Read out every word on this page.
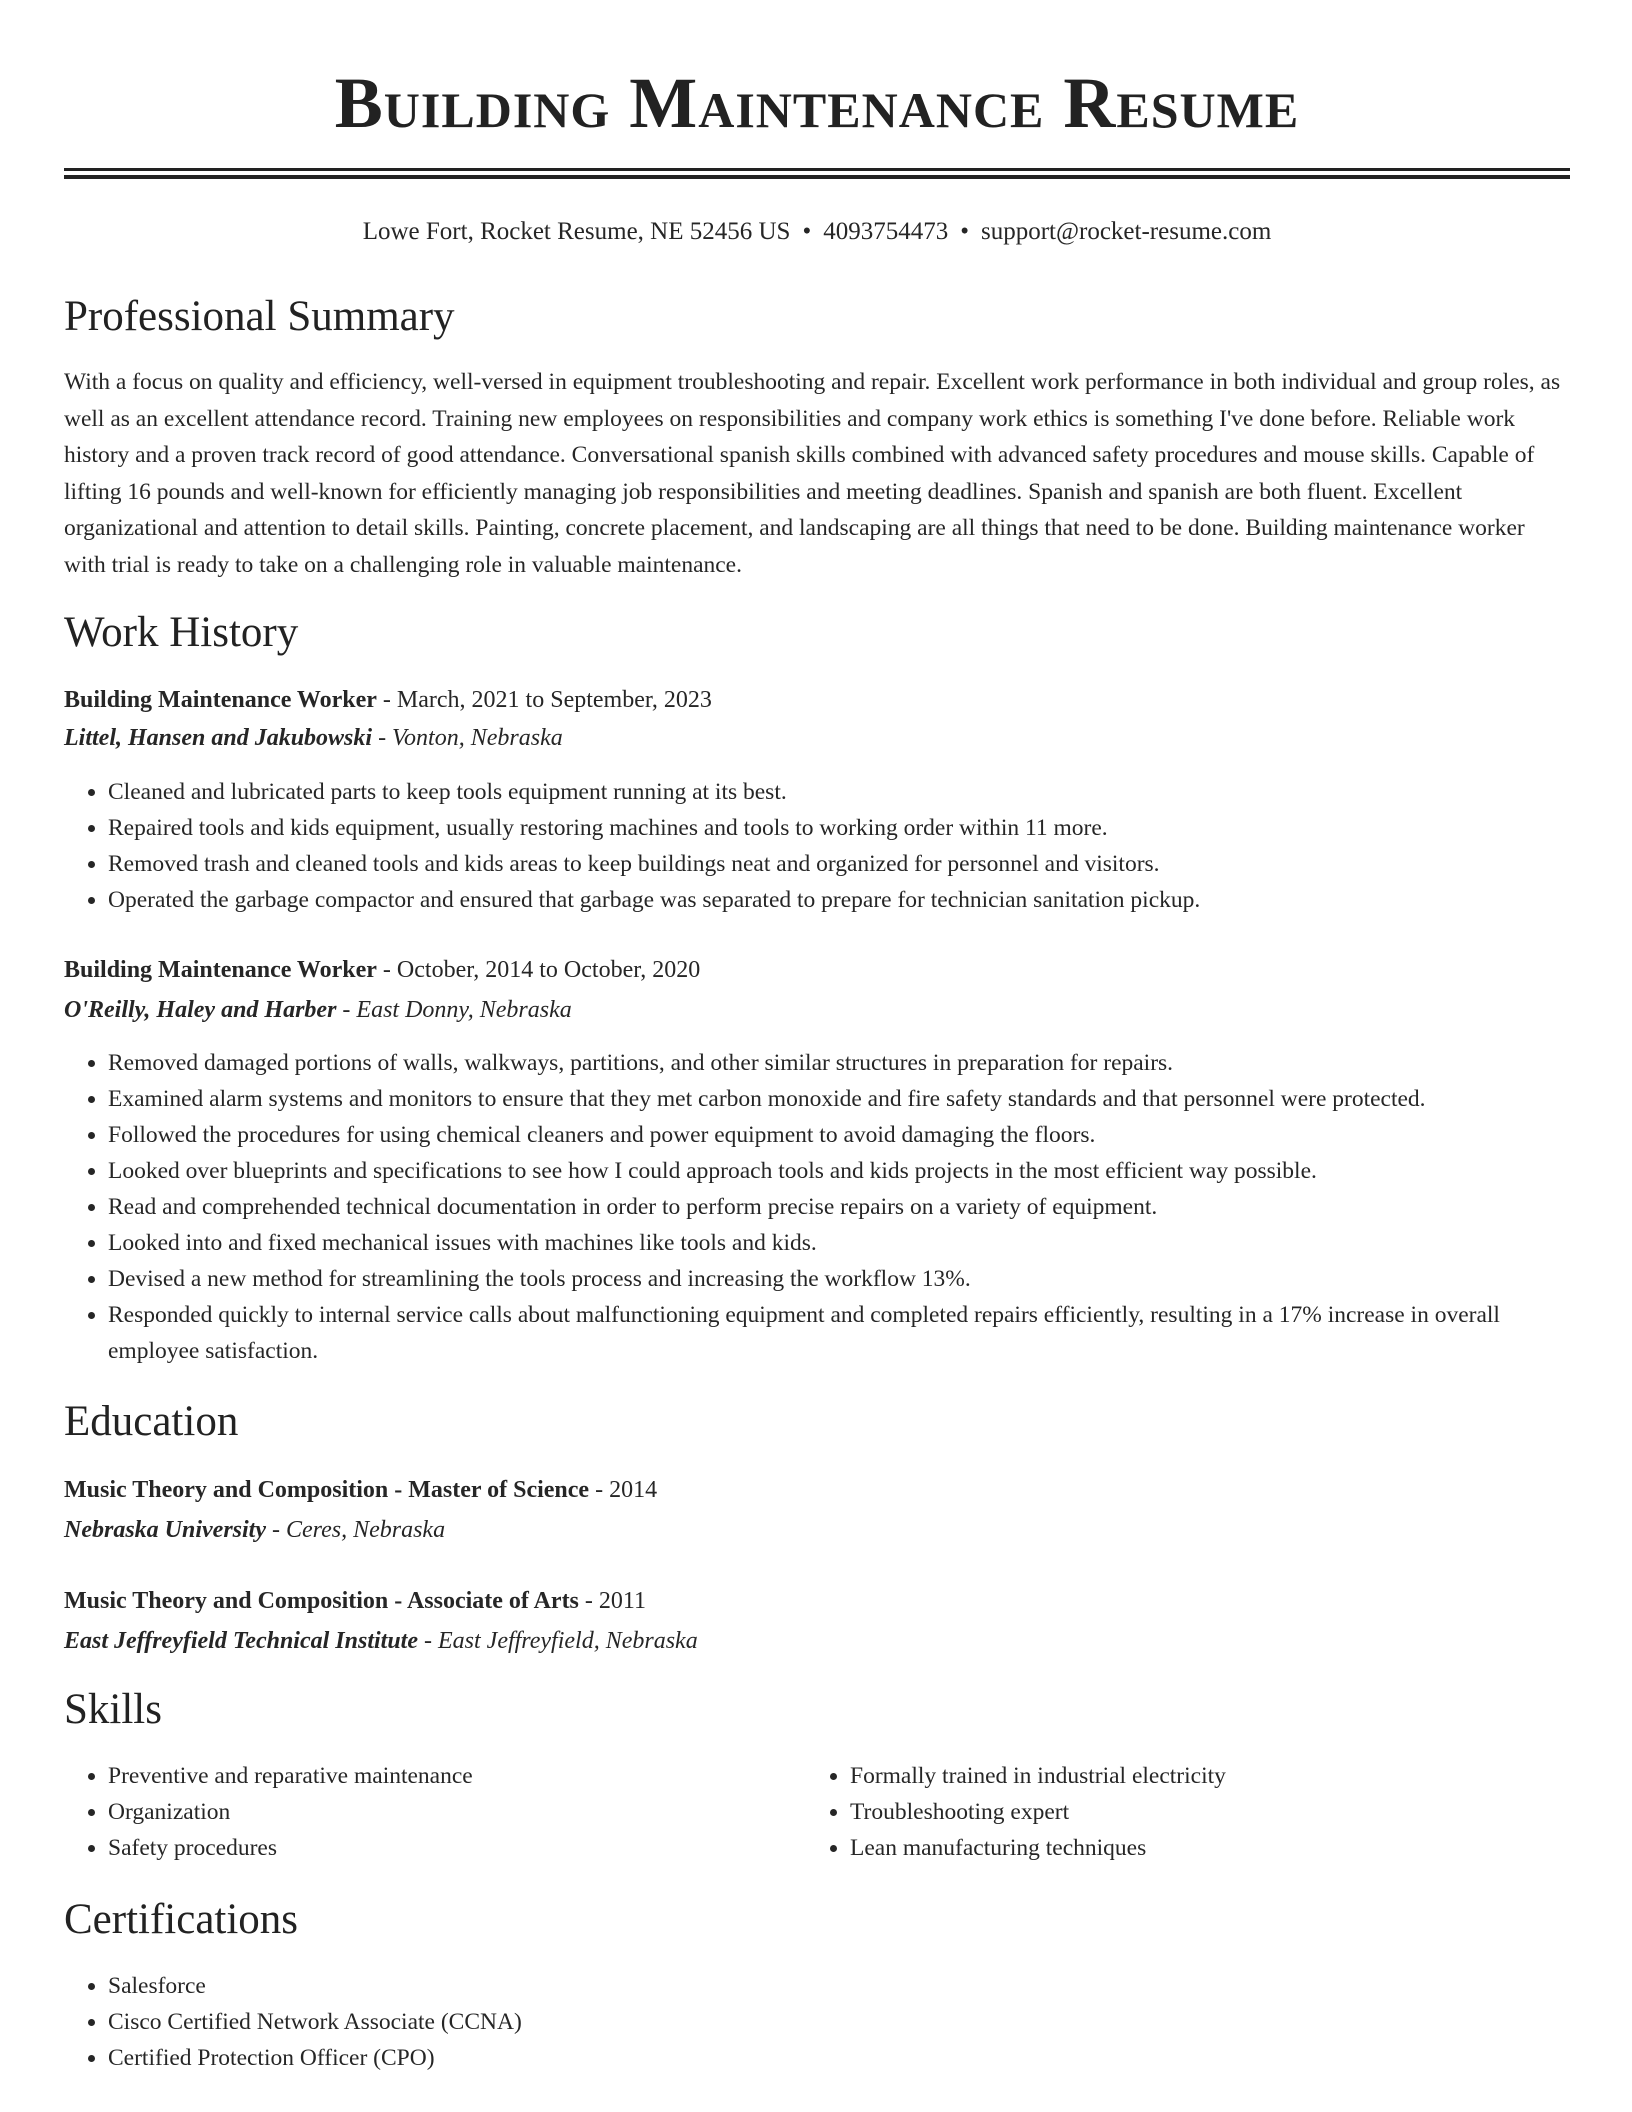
Building Maintenance Resume
Lowe Fort, Rocket Resume, NE 52456 US • 4093754473 • support@rocket-resume.com
Professional Summary

With a focus on quality and efficiency, well-versed in equipment troubleshooting and repair. Excellent work performance in both individual and group roles, as well as an excellent attendance record. Training new employees on responsibilities and company work ethics is something I've done before. Reliable work history and a proven track record of good attendance. Conversational spanish skills combined with advanced safety procedures and mouse skills. Capable of lifting 16 pounds and well-known for efficiently managing job responsibilities and meeting deadlines. Spanish and spanish are both fluent. Excellent organizational and attention to detail skills. Painting, concrete placement, and landscaping are all things that need to be done. Building maintenance worker with trial is ready to take on a challenging role in valuable maintenance.

Work History
Building Maintenance Worker - March, 2021 to September, 2023
Littel, Hansen and Jakubowski - Vonton, Nebraska
• Cleaned and lubricated parts to keep tools equipment running at its best.
• Repaired tools and kids equipment, usually restoring machines and tools to working order within 11 more.
• Removed trash and cleaned tools and kids areas to keep buildings neat and organized for personnel and visitors.
• Operated the garbage compactor and ensured that garbage was separated to prepare for technician sanitation pickup.
Building Maintenance Worker - October, 2014 to October, 2020
O'Reilly, Haley and Harber - East Donny, Nebraska
• Removed damaged portions of walls, walkways, partitions, and other similar structures in preparation for repairs.
• Examined alarm systems and monitors to ensure that they met carbon monoxide and fire safety standards and that personnel were protected.
• Followed the procedures for using chemical cleaners and power equipment to avoid damaging the floors.
• Looked over blueprints and specifications to see how I could approach tools and kids projects in the most efficient way possible.
• Read and comprehended technical documentation in order to perform precise repairs on a variety of equipment.
• Looked into and fixed mechanical issues with machines like tools and kids.
• Devised a new method for streamlining the tools process and increasing the workflow 13%.
• Responded quickly to internal service calls about malfunctioning equipment and completed repairs efficiently, resulting in a 17% increase in overall employee satisfaction.
Education
Music Theory and Composition - Master of Science - 2014
Nebraska University - Ceres, Nebraska
Music Theory and Composition - Associate of Arts - 2011
East Jeffreyfield Technical Institute - East Jeffreyfield, Nebraska
Skills
• Preventive and reparative maintenance
• Organization
• Safety procedures
• Formally trained in industrial electricity
• Troubleshooting expert
• Lean manufacturing techniques
Certifications
• Salesforce
• Cisco Certified Network Associate (CCNA)
• Certified Protection Officer (CPO)
